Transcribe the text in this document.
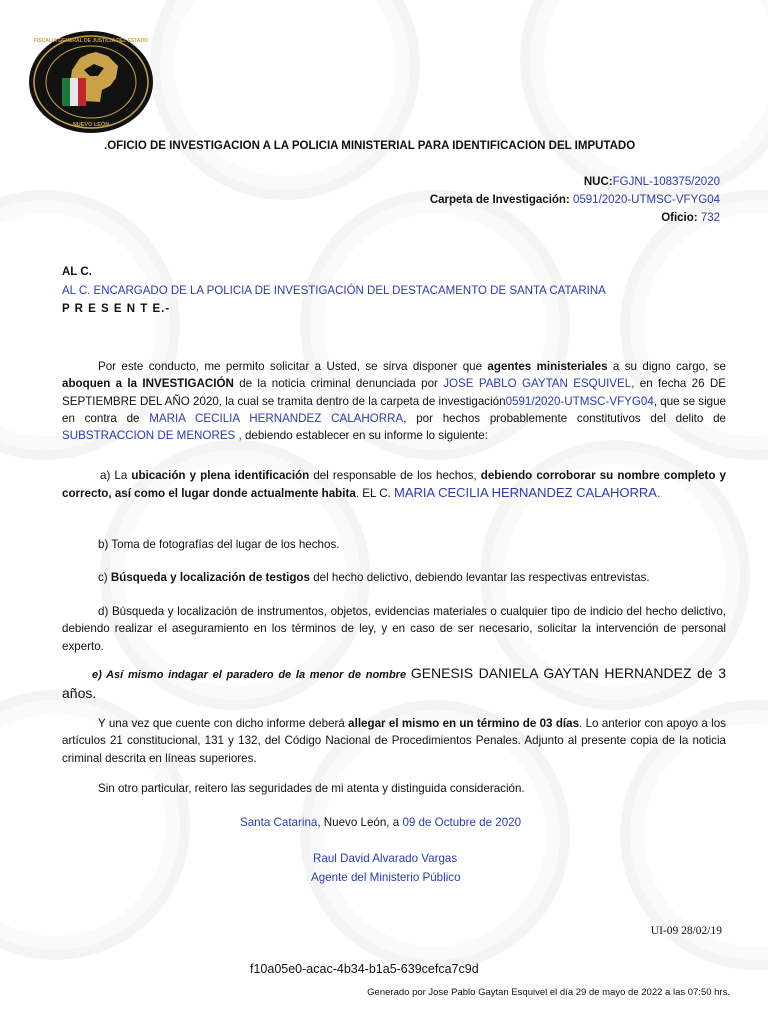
NUEVO LEÓN
FISCALÍA GENERAL DE JUSTICIA DEL ESTADO
.OFICIO DE INVESTIGACION A LA POLICIA MINISTERIAL PARA IDENTIFICACION DEL IMPUTADO
NUC:FGJNL-108375/2020
Carpeta de Investigación: 0591/2020-UTMSC-VFYG04
Oficio: 732
AL C.
AL C. ENCARGADO DE LA POLICIA DE INVESTIGACIÓN DEL DESTACAMENTO DE SANTA CATARINA
P R E S E N T E.-
Por este conducto, me permito solicitar a Usted, se sirva disponer que agentes ministeriales a su digno cargo, se aboquen a la INVESTIGACIÓN de la noticia criminal denunciada por JOSE PABLO GAYTAN ESQUIVEL, en fecha 26 DE SEPTIEMBRE DEL AÑO 2020, la cual se tramita dentro de la carpeta de investigación0591/2020-UTMSC-VFYG04, que se sigue en contra de MARIA CECILIA HERNANDEZ CALAHORRA, por hechos probablemente constitutivos del delito de SUBSTRACCION DE MENORES , debiendo establecer en su informe lo siguiente:
a) La ubicación y plena identificación del responsable de los hechos, debiendo corroborar su nombre completo y correcto, así como el lugar donde actualmente habita. EL C. MARIA CECILIA HERNANDEZ CALAHORRA.
b) Toma de fotografías del lugar de los hechos.
c) Búsqueda y localización de testigos del hecho delictivo, debiendo levantar las respectivas entrevistas.
d) Búsqueda y localización de instrumentos, objetos, evidencias materiales o cualquier tipo de indicio del hecho delictivo, debiendo realizar el aseguramiento en los términos de ley, y en caso de ser necesario, solicitar la intervención de personal experto.
e) Así mismo indagar el paradero de la menor de nombre GENESIS DANIELA GAYTAN HERNANDEZ de 3 años.
Y una vez que cuente con dicho informe deberá allegar el mismo en un término de 03 días. Lo anterior con apoyo a los artículos 21 constitucional, 131 y 132, del Código Nacional de Procedimientos Penales. Adjunto al presente copia de la noticia criminal descrita en líneas superiores.
Sin otro particular, reitero las seguridades de mi atenta y distinguida consideración.
Santa Catarina, Nuevo León, a 09 de Octubre de 2020
Raul David Alvarado Vargas
Agente del Ministerio Público
UI-09 28/02/19
f10a05e0-acac-4b34-b1a5-639cefca7c9d
Generado por Jose Pablo Gaytan Esquivel el día 29 de mayo de 2022 a las 07:50 hrs.
